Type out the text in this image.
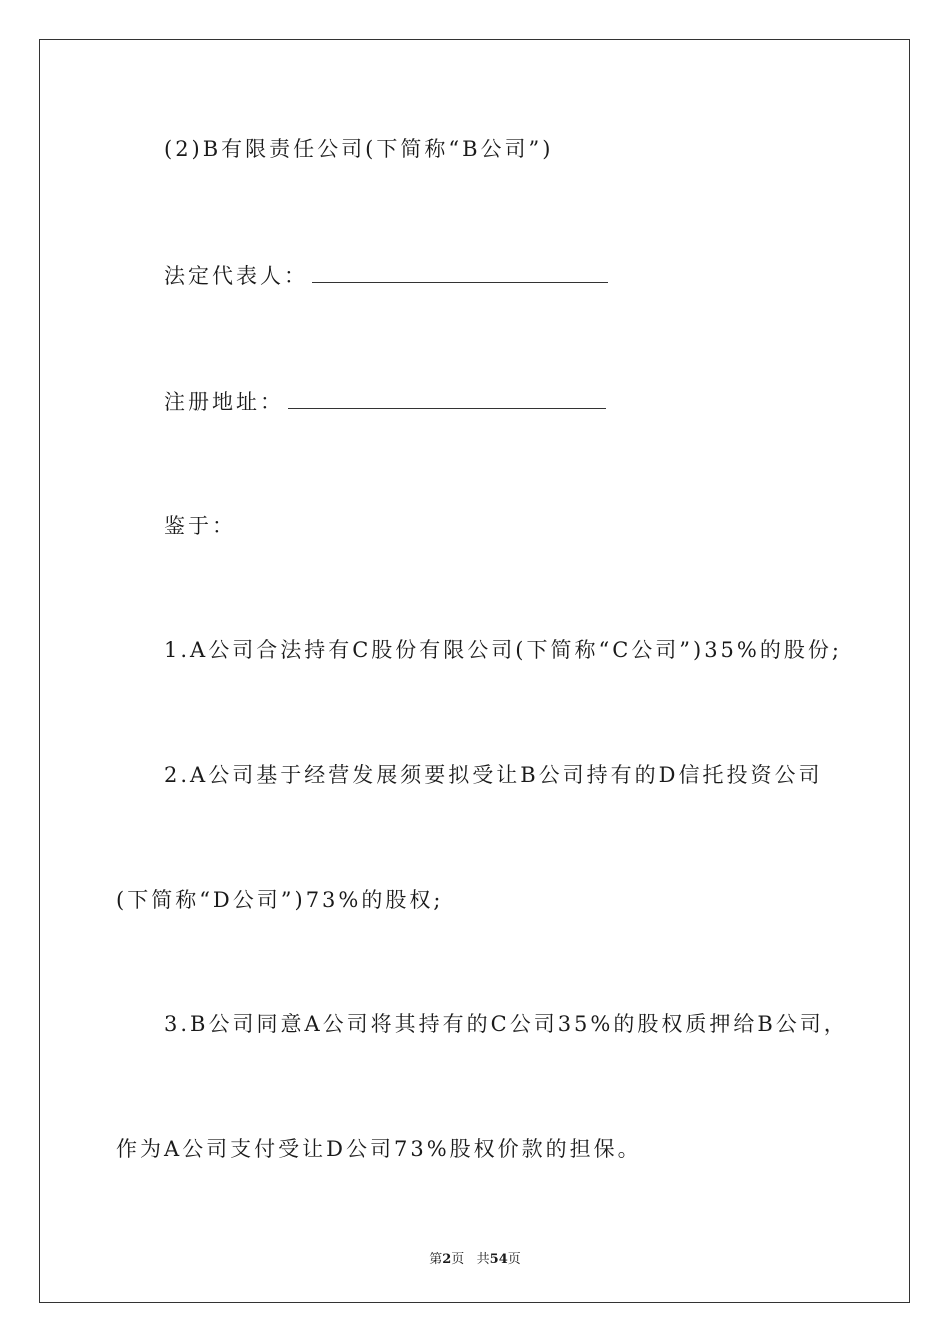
(2)B有限责任公司(下简称“B公司”)
法定代表人：
注册地址：
鉴于：
1.A公司合法持有C股份有限公司(下简称“C公司”)35%的股份;
2.A公司基于经营发展须要拟受让B公司持有的D信托投资公司
(下简称“D公司”)73%的股权;
3.B公司同意A公司将其持有的C公司35%的股权质押给B公司，
作为A公司支付受让D公司73%股权价款的担保。
第2页   共54页
